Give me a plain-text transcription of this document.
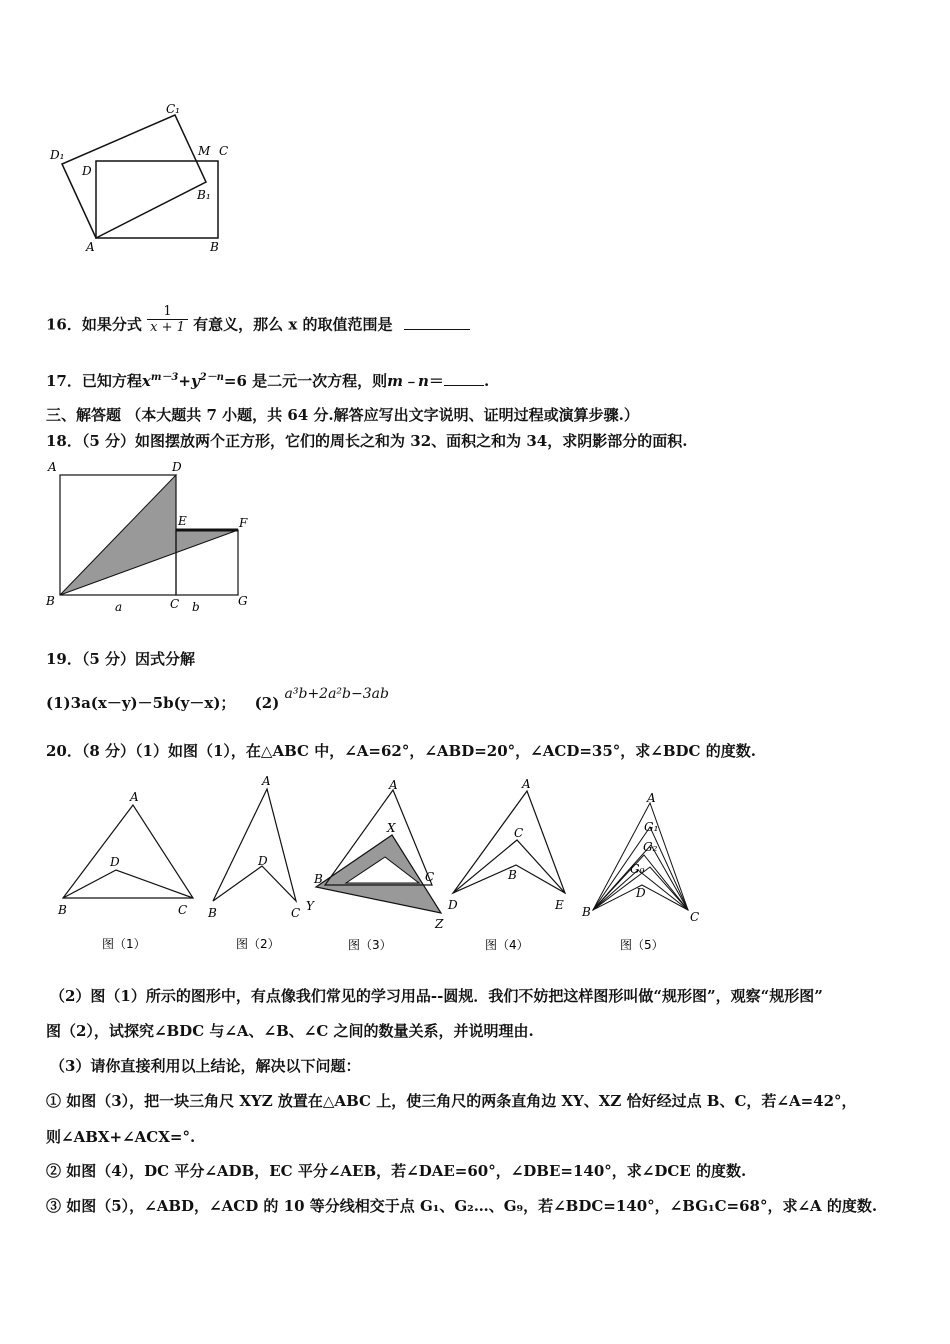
D₁
C₁
M C
D
B₁
A	B
16．如果分式 $\frac{1}{x + 1}$ 有意义，那么 x 的取值范围是
17．已知方程$x^{m-3}+y^{2-n}=6$ 是二元一次方程，则m﹣n＝	.
三、解答题 （本大题共 7 小题，共 64 分.解答应写出文字说明、证明过程或演算步骤.）
18．（5 分）如图摆放两个正方形，它们的周长之和为 32、面积之和为 34，求阴影部分的面积.
A	D
E	F
B	C	G
a	b
19．（5 分）因式分解
(1)3a(x－y)－5b(y－x)； (2) a³b+2a²b−3ab
20．（8 分）（1）如图（1），在△ABC 中，∠A=62°，∠ABD=20°，∠ACD=35°，求∠BDC 的度数.
A
D
B	C
A
D
B	C
A
X
B	C
Y
Z
A
C
B
D	E
A
G₁
G₂
G₉
D
B	C
图（1）	图（2）	图（3）	图（4）	图（5）
（2）图（1）所示的图形中，有点像我们常见的学习用品--圆规．我们不妨把这样图形叫做“规形图”，观察“规形图”
图（2），试探究∠BDC 与∠A、∠B、∠C 之间的数量关系，并说明理由.
（3）请你直接利用以上结论，解决以下问题：
① 如图（3），把一块三角尺 XYZ 放置在△ABC 上，使三角尺的两条直角边 XY、XZ 恰好经过点 B、C，若∠A=42°，
则∠ABX+∠ACX=°.
② 如图（4），DC 平分∠ADB，EC 平分∠AEB，若∠DAE=60°，∠DBE=140°，求∠DCE 的度数.
③ 如图（5），∠ABD，∠ACD 的 10 等分线相交于点 G₁、G₂…、G₉，若∠BDC=140°，∠BG₁C=68°，求∠A 的度数.
